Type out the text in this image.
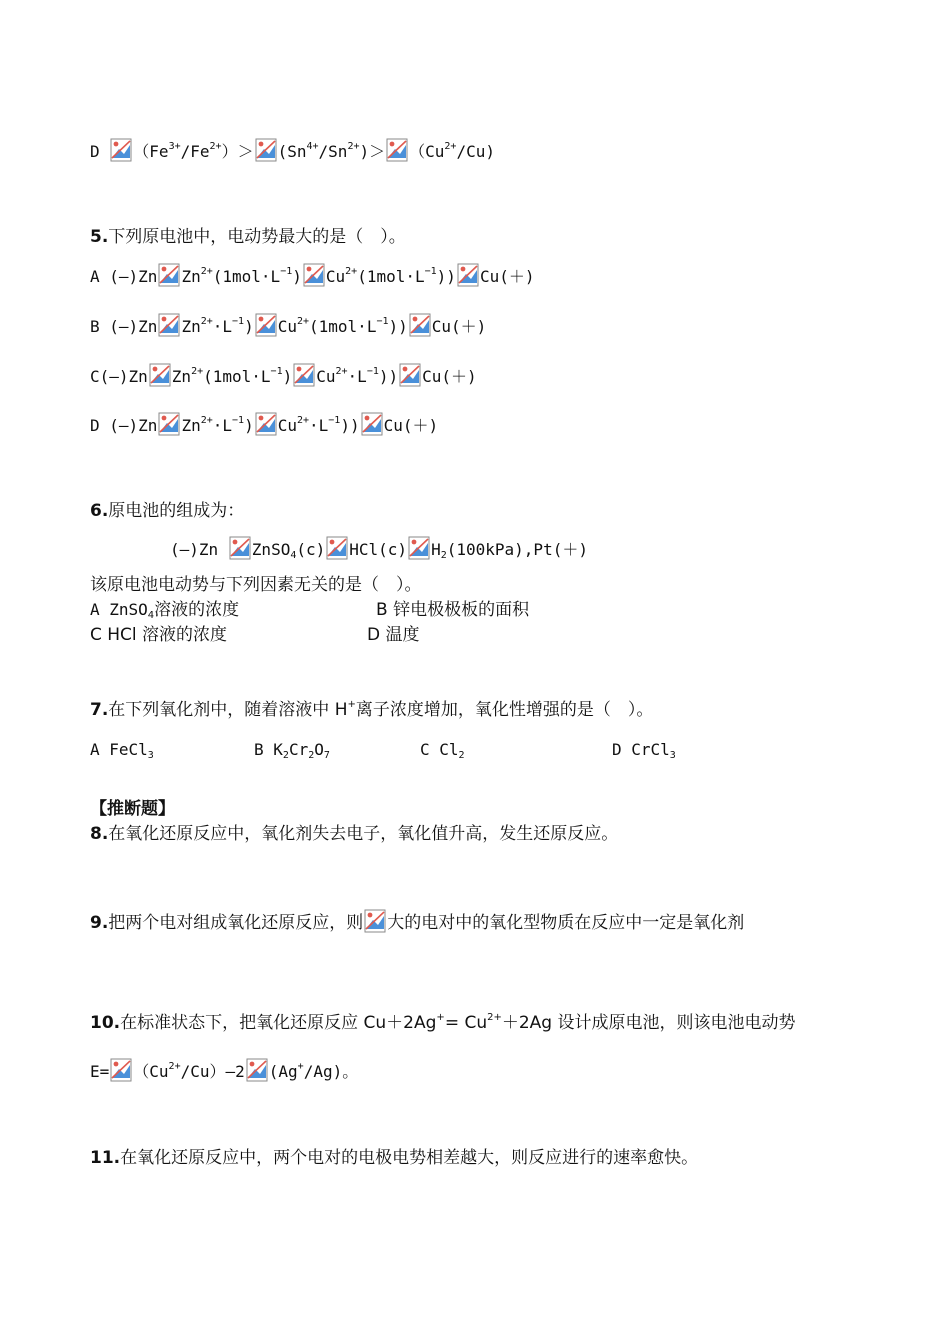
D $(Fe^{3+}/Fe^{2+})> (Sn^{4+}/Sn^{2+})> (Cu^{2+}/Cu)$
5.下列原电池中，电动势最大的是（　）。
A (—)Zn $Zn^{2+}(1mol\cdot L^{-1})$ $Cu^{2+}(1mol\cdot L^{-1})$) Cu(＋)
B (—)Zn $Zn^{2+}\cdot L^{-1}$) $Cu^{2+}(1mol\cdot L^{-1})$) Cu(＋)
C(—)Zn $Zn^{2+}(1mol\cdot L^{-1})$ $Cu^{2+}\cdot L^{-1}$)) Cu(＋)
D (—)Zn $Zn^{2+}\cdot L^{-1}$) $Cu^{2+}\cdot L^{-1}$)) Cu(＋)
6.原电池的组成为：
(—)Zn
ZnSO$_4$(c) HCl(c) $H_2(100kPa),Pt(+)$
该原电池电动势与下列因素无关的是（　）。
A ZnSO$_4$溶液的浓度	B 锌电极极板的面积
C HCl 溶液的浓度	D 温度
7.在下列氧化剂中，随着溶液中 H+离子浓度增加，氧化性增强的是（　）。
A FeCl$_3$	B $K_2Cr_2O_7$	C $Cl_2$	D CrCl$_3$
【推断题】
8.在氧化还原反应中，氧化剂失去电子，氧化值升高，发生还原反应。
9.把两个电对组成氧化还原反应，则 大的电对中的氧化型物质在反应中一定是氧化剂
10.在标准状态下，把氧化还原反应 $Cu+2Ag^+= Cu^{2+}+2Ag$ 设计成原电池，则该电池电动势
$E= (Cu^{2+}/Cu)—2$ (Ag+/Ag)。
11.在氧化还原反应中，两个电对的电极电势相差越大，则反应进行的速率愈快。
